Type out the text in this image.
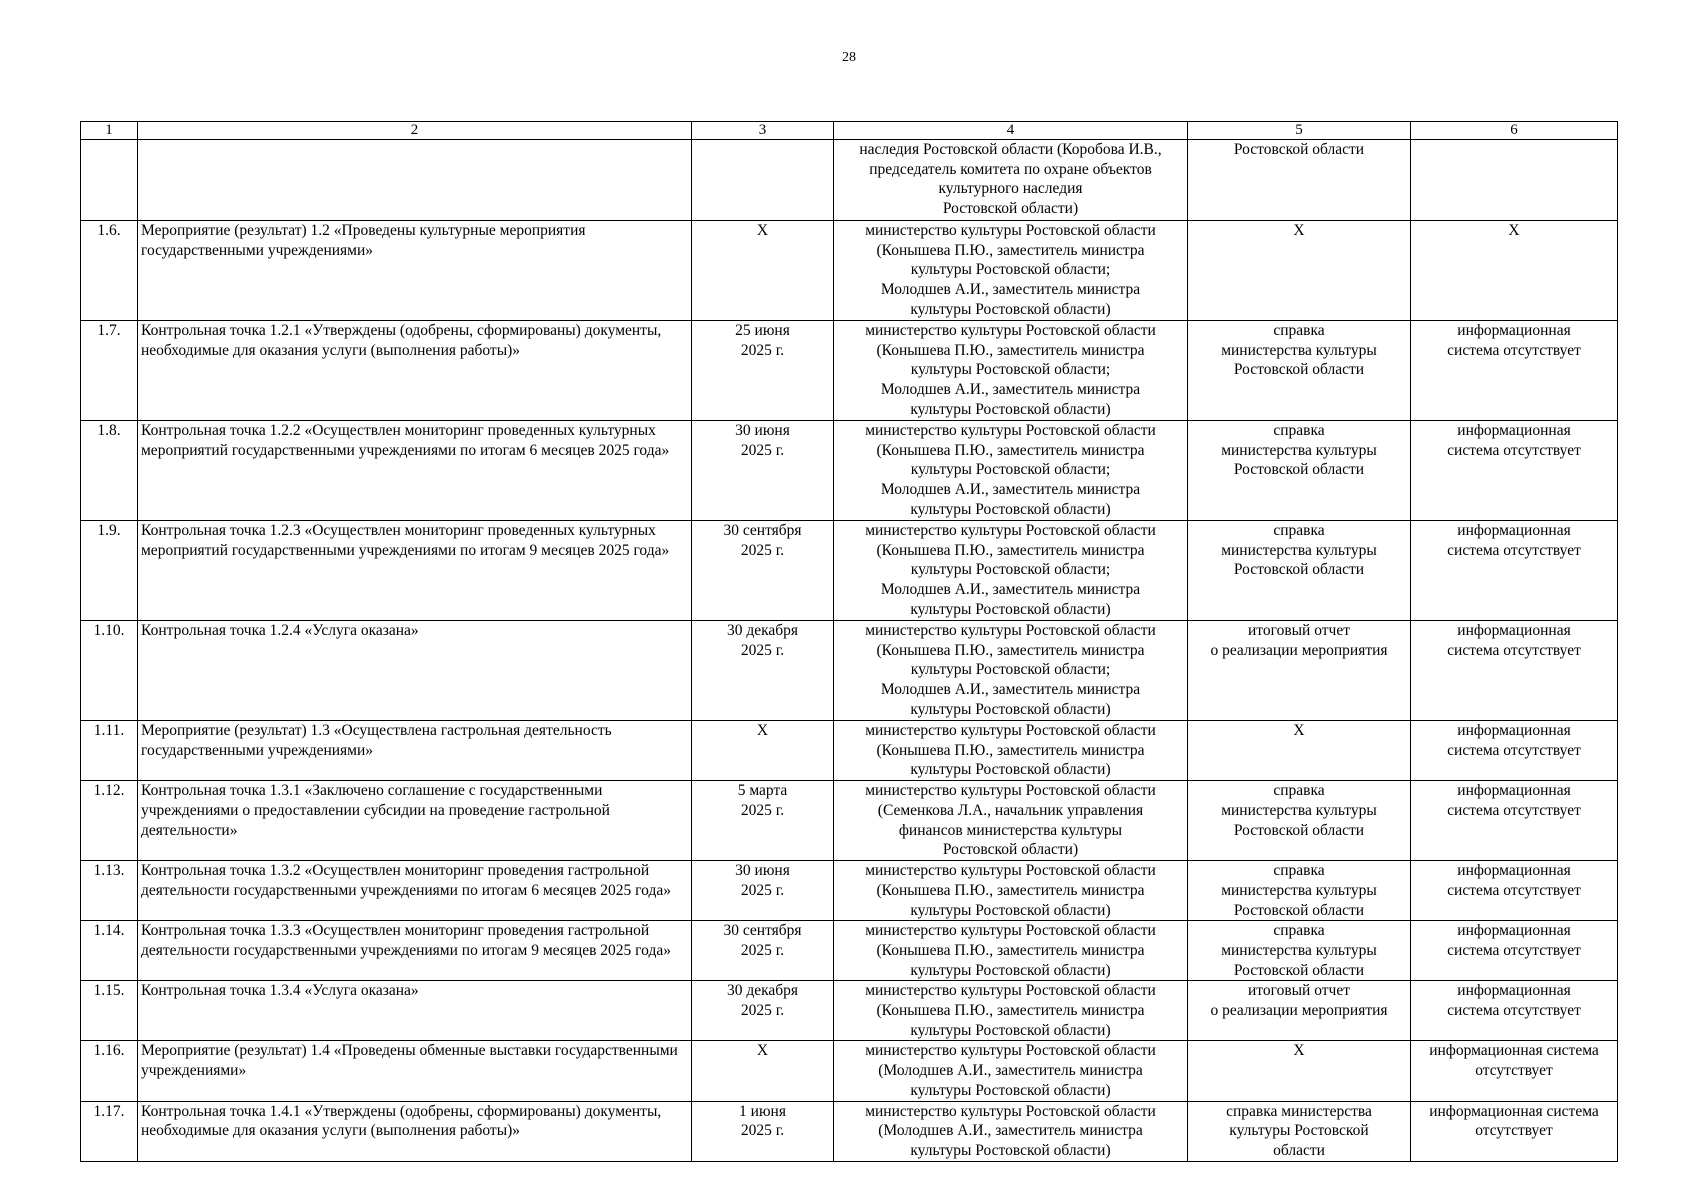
28
1	2	3	4	5	6

			наследия Ростовской области (Коробова И.В.,
председатель комитета по охране объектов
культурного наследия
Ростовской области)	Ростовской области	

1.6.	Мероприятие (результат) 1.2 «Проведены культурные мероприятия государственными учреждениями»	X	министерство культуры Ростовской области
(Конышева П.Ю., заместитель министра
культуры Ростовской области;
Молодшев А.И., заместитель министра
культуры Ростовской области)	X	X

1.7.	Контрольная точка 1.2.1 «Утверждены (одобрены, сформированы) документы, необходимые для оказания услуги (выполнения работы)»	25 июня
2025 г.	министерство культуры Ростовской области
(Конышева П.Ю., заместитель министра
культуры Ростовской области;
Молодшев А.И., заместитель министра
культуры Ростовской области)	справка
министерства культуры
Ростовской области	информационная
система отсутствует

1.8.	Контрольная точка 1.2.2 «Осуществлен мониторинг проведенных культурных мероприятий государственными учреждениями по итогам 6 месяцев 2025 года»	30 июня
2025 г.	министерство культуры Ростовской области
(Конышева П.Ю., заместитель министра
культуры Ростовской области;
Молодшев А.И., заместитель министра
культуры Ростовской области)	справка
министерства культуры
Ростовской области	информационная
система отсутствует

1.9.	Контрольная точка 1.2.3 «Осуществлен мониторинг проведенных культурных мероприятий государственными учреждениями по итогам 9 месяцев 2025 года»	30 сентября
2025 г.	министерство культуры Ростовской области
(Конышева П.Ю., заместитель министра
культуры Ростовской области;
Молодшев А.И., заместитель министра
культуры Ростовской области)	справка
министерства культуры
Ростовской области	информационная
система отсутствует

1.10.	Контрольная точка 1.2.4 «Услуга оказана»	30 декабря
2025 г.	министерство культуры Ростовской области
(Конышева П.Ю., заместитель министра
культуры Ростовской области;
Молодшев А.И., заместитель министра
культуры Ростовской области)	итоговый отчет
о реализации мероприятия	информационная
система отсутствует

1.11.	Мероприятие (результат) 1.3 «Осуществлена гастрольная деятельность государственными учреждениями»	X	министерство культуры Ростовской области
(Конышева П.Ю., заместитель министра
культуры Ростовской области)	X	информационная
система отсутствует

1.12.	Контрольная точка 1.3.1 «Заключено соглашение с государственными учреждениями о предоставлении субсидии на проведение гастрольной деятельности»	5 марта
2025 г.	министерство культуры Ростовской области
(Семенкова Л.А., начальник управления
финансов министерства культуры
Ростовской области)	справка
министерства культуры
Ростовской области	информационная
система отсутствует

1.13.	Контрольная точка 1.3.2 «Осуществлен мониторинг проведения гастрольной деятельности государственными учреждениями по итогам 6 месяцев 2025 года»	30 июня
2025 г.	министерство культуры Ростовской области
(Конышева П.Ю., заместитель министра
культуры Ростовской области)	справка
министерства культуры
Ростовской области	информационная
система отсутствует

1.14.	Контрольная точка 1.3.3 «Осуществлен мониторинг проведения гастрольной деятельности государственными учреждениями по итогам 9 месяцев 2025 года»	30 сентября
2025 г.	министерство культуры Ростовской области
(Конышева П.Ю., заместитель министра
культуры Ростовской области)	справка
министерства культуры
Ростовской области	информационная
система отсутствует

1.15.	Контрольная точка 1.3.4 «Услуга оказана»	30 декабря
2025 г.	министерство культуры Ростовской области
(Конышева П.Ю., заместитель министра
культуры Ростовской области)	итоговый отчет
о реализации мероприятия	информационная
система отсутствует

1.16.	Мероприятие (результат) 1.4 «Проведены обменные выставки государственными учреждениями»	X	министерство культуры Ростовской области
(Молодшев А.И., заместитель министра
культуры Ростовской области)	X	информационная система
отсутствует

1.17.	Контрольная точка 1.4.1 «Утверждены (одобрены, сформированы) документы, необходимые для оказания услуги (выполнения работы)»	1 июня
2025 г.	министерство культуры Ростовской области
(Молодшев А.И., заместитель министра
культуры Ростовской области)	справка министерства
культуры Ростовской
области	информационная система
отсутствует
